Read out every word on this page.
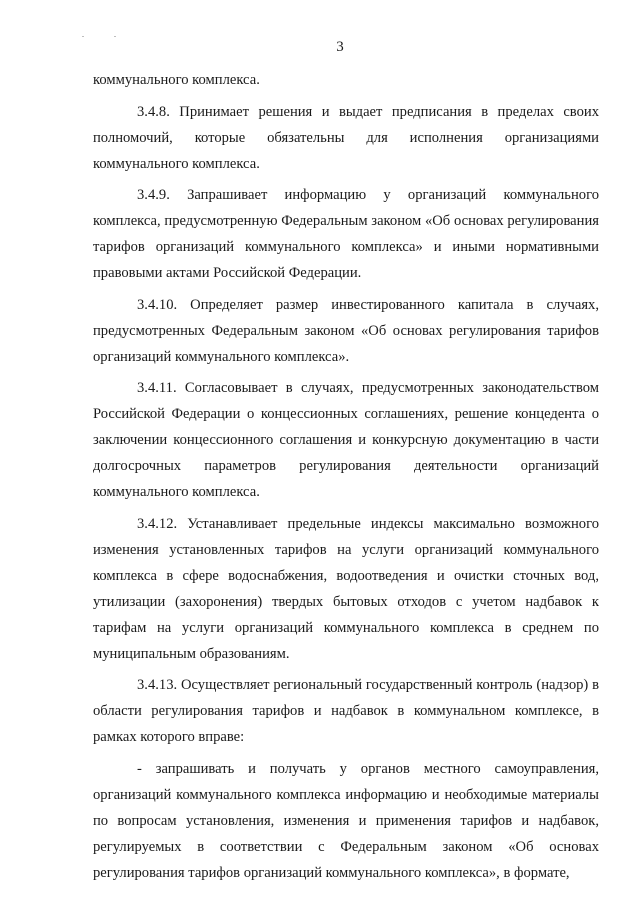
. .
3

коммунального комплекса.

3.4.8. Принимает решения и выдает предписания в пределах своих полномочий, которые обязательны для исполнения организациями коммунального комплекса.

3.4.9. Запрашивает информацию у организаций коммунального комплекса, предусмотренную Федеральным законом «Об основах регулирования тарифов организаций коммунального комплекса» и иными нормативными правовыми актами Российской Федерации.

3.4.10. Определяет размер инвестированного капитала в случаях, предусмотренных Федеральным законом «Об основах регулирования тарифов организаций коммунального комплекса».

3.4.11. Согласовывает в случаях, предусмотренных законодательством Российской Федерации о концессионных соглашениях, решение концедента о заключении концессионного соглашения и конкурсную документацию в части долгосрочных параметров регулирования деятельности организаций коммунального комплекса.

3.4.12. Устанавливает предельные индексы максимально возможного изменения установленных тарифов на услуги организаций коммунального комплекса в сфере водоснабжения, водоотведения и очистки сточных вод, утилизации (захоронения) твердых бытовых отходов с учетом надбавок к тарифам на услуги организаций коммунального комплекса в среднем по муниципальным образованиям.

3.4.13. Осуществляет региональный государственный контроль (надзор) в области регулирования тарифов и надбавок в коммунальном комплексе, в рамках которого вправе:

- запрашивать и получать у органов местного самоуправления, организаций коммунального комплекса информацию и необходимые материалы по вопросам установления, изменения и применения тарифов и надбавок, регулируемых в соответствии с Федеральным законом «Об основах регулирования тарифов организаций коммунального комплекса», в формате,
